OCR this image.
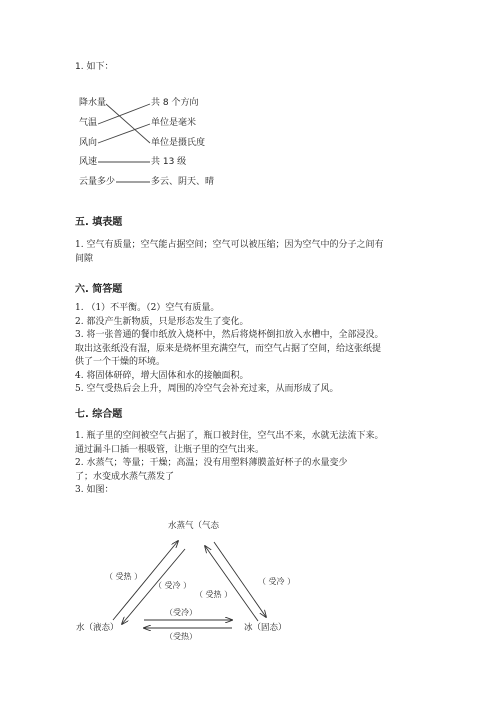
1. 如下：
降水量
气温
风向
风速
云量多少
共 8 个方向
单位是毫米
单位是摄氏度
共 13 级
多云、阴天、晴
五. 填表题
1. 空气有质量；空气能占据空间；空气可以被压缩；因为空气中的分子之间有
间隙
六. 简答题
1. （1）不平衡。（2）空气有质量。
2. 都没产生新物质，只是形态发生了变化。
3. 将一张普通的餐巾纸放入烧杯中，然后将烧杯倒扣放入水槽中，全部浸没。
取出这张纸没有湿，原来是烧杯里充满空气，而空气占据了空间，给这张纸提
供了一个干燥的环境。
4. 将固体研碎，增大固体和水的接触面积。
5. 空气受热后会上升，周围的冷空气会补充过来，从而形成了风。
七. 综合题
1. 瓶子里的空间被空气占据了，瓶口被封住，空气出不来，水就无法流下来。
通过漏斗口插一根吸管，让瓶子里的空气出来。
2. 水蒸气；等量；干燥；高温；没有用塑料薄膜盖好杯子的水量变少
了；水变成水蒸气蒸发了
3. 如图：
水蒸气（气态
水（液态）	冰（固态）
（ 受热 ）
（ 受冷 ）
（ 受热 ）
（ 受冷 ）
（受冷）
（受热）
